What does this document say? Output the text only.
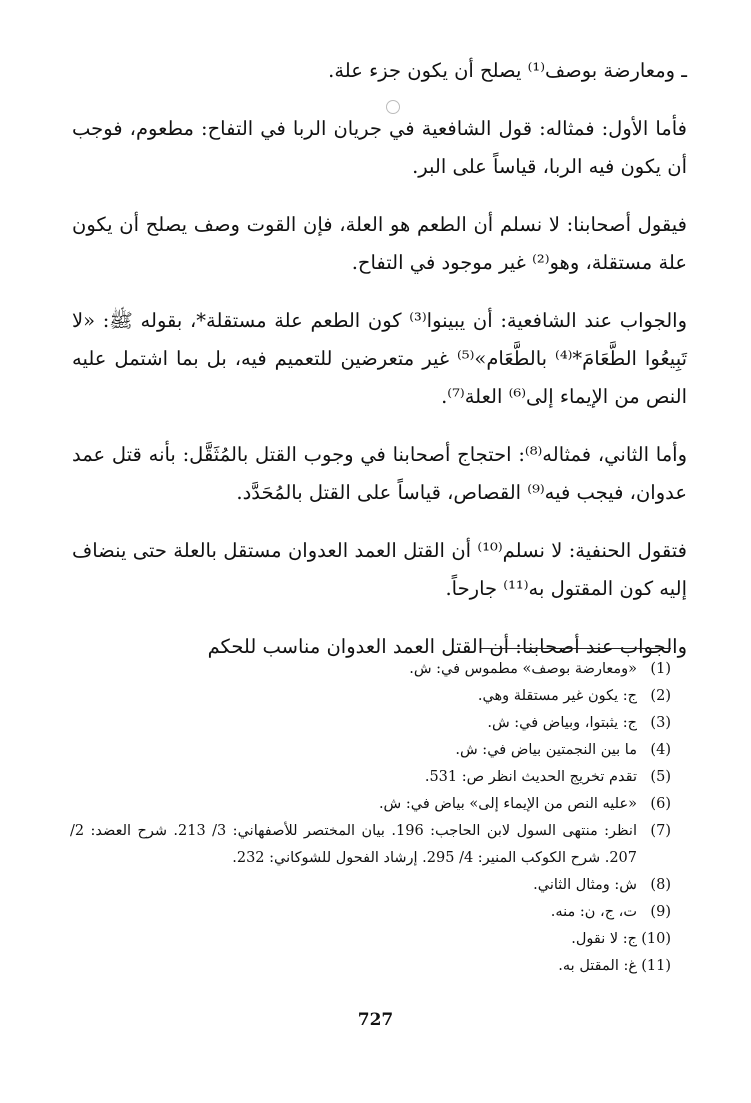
ـ ومعارضة بوصف⁽¹⁾ يصلح أن يكون جزء علة.

فأما الأول: فمثاله: قول الشافعية في جريان الربا في التفاح: مطعوم، فوجب أن يكون فيه الربا، قياساً على البر.

فيقول أصحابنا: لا نسلم أن الطعم هو العلة، فإن القوت وصف يصلح أن يكون علة مستقلة، وهو⁽²⁾ غير موجود في التفاح.

والجواب عند الشافعية: أن يبينوا⁽³⁾ كون الطعم علة مستقلة*، بقوله ﷺ: «لا تَبِيعُوا الطَّعَامَ*⁽⁴⁾ بالطَّعَام»⁽⁵⁾ غير متعرضين للتعميم فيه، بل بما اشتمل عليه النص من الإيماء إلى⁽⁶⁾ العلة⁽⁷⁾.

وأما الثاني، فمثاله⁽⁸⁾: احتجاج أصحابنا في وجوب القتل بالمُثَقَّل: بأنه قتل عمد عدوان، فيجب فيه⁽⁹⁾ القصاص، قياساً على القتل بالمُحَدَّد.

فتقول الحنفية: لا نسلم⁽¹⁰⁾ أن القتل العمد العدوان مستقل بالعلة حتى ينضاف إليه كون المقتول به⁽¹¹⁾ جارحاً.

والجواب عند أصحابنا: أن القتل العمد العدوان مناسب للحكم

(1)
«ومعارضة بوصف» مطموس في: ش.
(2)
ج: يكون غير مستقلة وهي.
(3)
ج: يثبتوا، وبياض في: ش.
(4)
ما بين النجمتين بياض في: ش.
(5)
تقدم تخريج الحديث انظر ص: 531.
(6)
«عليه النص من الإيماء إلى» بياض في: ش.
(7)
انظر: منتهى السول لابن الحاجب: 196. بيان المختصر للأصفهاني: 3/ 213. شرح العضد: 2/ 207. شرح الكوكب المنير: 4/ 295. إرشاد الفحول للشوكاني: 232.
(8)
ش: ومثال الثاني.
(9)
ت، ج، ن: منه.
(10)
ج: لا نقول.
(11)
غ: المقتل به.
727
